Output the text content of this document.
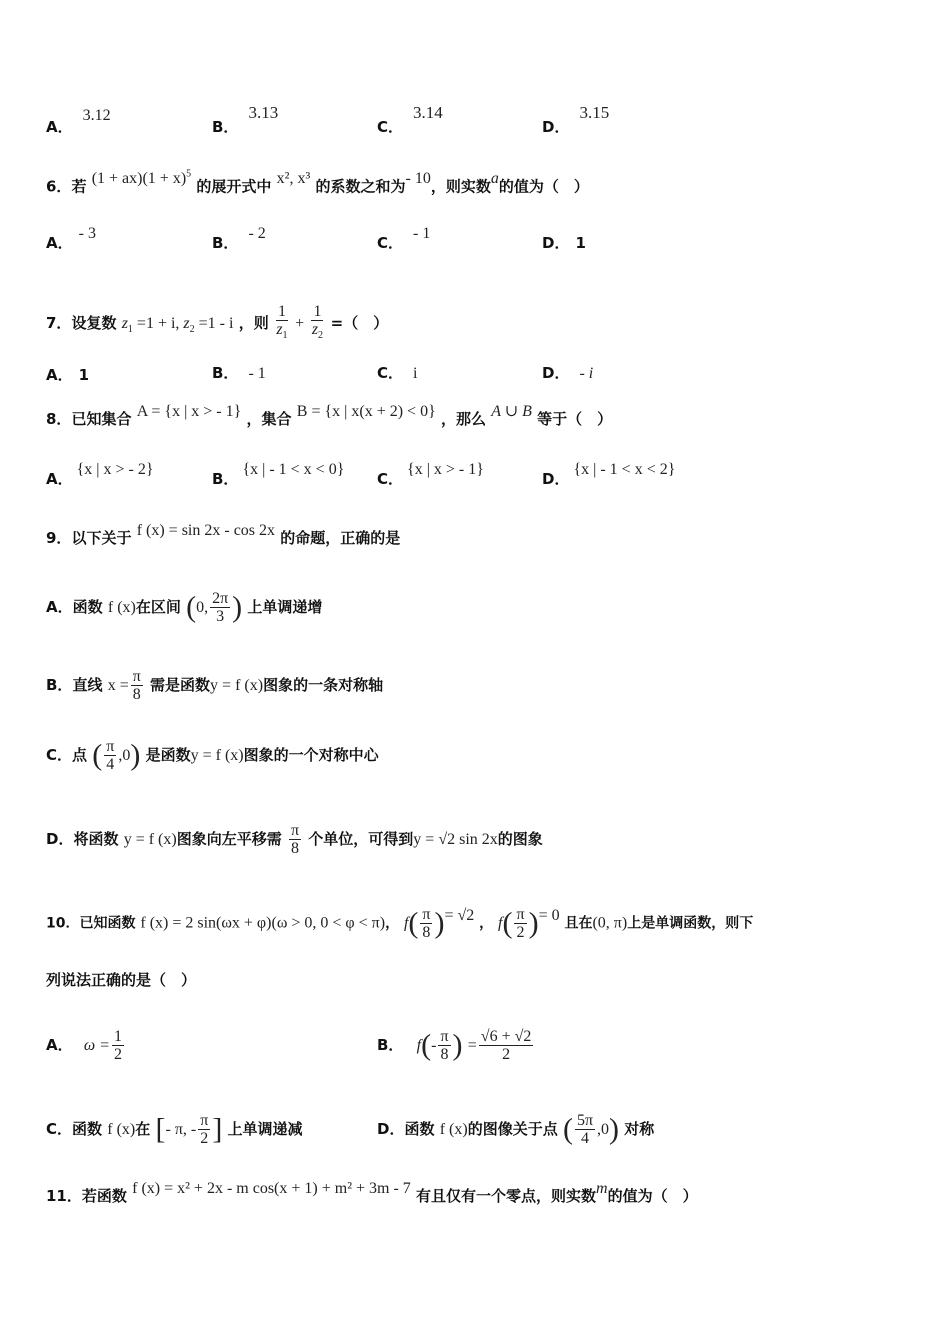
A．3.12
B．3.13
C．3.14
D．3.15
6．若 $(1 + ax)(1 + x)^5$ 的展开式中 x², x³ 的系数之和为- 10，则实数a的值为（　）
A．- 3
B．- 2
C．- 1
D． 1
7．设复数 $z_1 =1 + i$, $z_2 =1 - i$ ，则 $\frac{1}{z_1} + \frac{1}{z_2}$ =（　）
A． 1	B． - 1	C． i	D． - i
8．已知集合 A = {x | x > - 1} ，集合 B = {x | x(x + 2) < 0} ，那么 A ∪ B 等于（　）
A．{x | x > - 2}
B．{x | - 1 < x < 0}
C．{x | x > - 1}
D．{x | - 1 < x < 2}
9．以下关于 f (x) = sin 2x - cos 2x 的命题，正确的是
A．函数 f (x)在区间 (0, $\frac{2\pi}{3}$ ) 上单调递增
B．直线 $x = \frac{\pi}{8}$ 需是函数y = f (x)图象的一条对称轴
C．点 ( $\frac{\pi}{4} ,0$) 是函数y = f (x)图象的一个对称中心
D．将函数 y = f (x)图象向左平移需 $\frac{\pi}{8}$ 个单位，可得到y = √2 sin 2x的图象
10．已知函数 f (x) = 2 sin(ωx + φ)(ω > 0, 0 < φ < π)， $f( \frac{\pi}{8}$ )= √2 ， $f( \frac{\pi}{2}$ )= 0 且在(0, π)上是单调函数，则下
列说法正确的是（　）
A． $\omega = \frac{1}{2}$	B． $f(- \frac{\pi}{8}$ ) = $\frac{√6 + √2}{2}$
C．函数 f (x)在 [- π, - $\frac{\pi}{2}$ ] 上单调递减	D．函数 f (x)的图像关于点 ( $\frac{5\pi}{4} ,0$) 对称
11．若函数 f (x) = x² + 2x - m cos(x + 1) + m² + 3m - 7 有且仅有一个零点，则实数m的值为（　）
